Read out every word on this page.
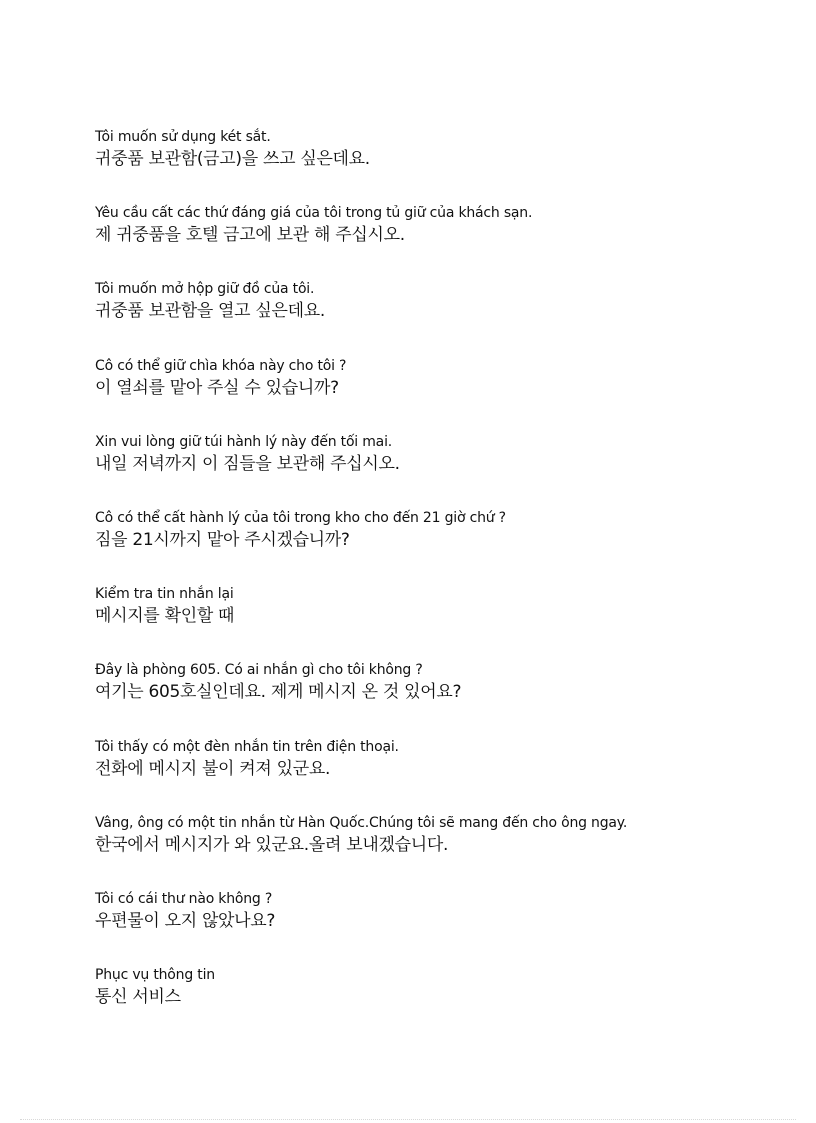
Tôi muốn sử dụng két sắt.
귀중품 보관함(금고)을 쓰고 싶은데요.
Yêu cầu cất các thứ đáng giá của tôi trong tủ giữ của khách sạn.
제 귀중품을 호텔 금고에 보관 해 주십시오.
Tôi muốn mở hộp giữ đồ của tôi.
귀중품 보관함을 열고 싶은데요.
Cô có thể giữ chìa khóa này cho tôi ?
이 열쇠를 맡아 주실 수 있습니까?
Xin vui lòng giữ túi hành lý này đến tối mai.
내일 저녁까지 이 짐들을 보관해 주십시오.
Cô có thể cất hành lý của tôi trong kho cho đến 21 giờ chứ ?
짐을 21시까지 맡아 주시겠습니까?
Kiểm tra tin nhắn lại
메시지를 확인할 때
Đây là phòng 605. Có ai nhắn gì cho tôi không ?
여기는 605호실인데요. 제게 메시지 온 것 있어요?
Tôi thấy có một đèn nhắn tin trên điện thoại.
전화에 메시지 불이 켜져 있군요.
Vâng, ông có một tin nhắn từ Hàn Quốc.Chúng tôi sẽ mang đến cho ông ngay.
한국에서 메시지가 와 있군요.올려 보내겠습니다.
Tôi có cái thư nào không ?
우편물이 오지 않았나요?
Phục vụ thông tin
통신 서비스
